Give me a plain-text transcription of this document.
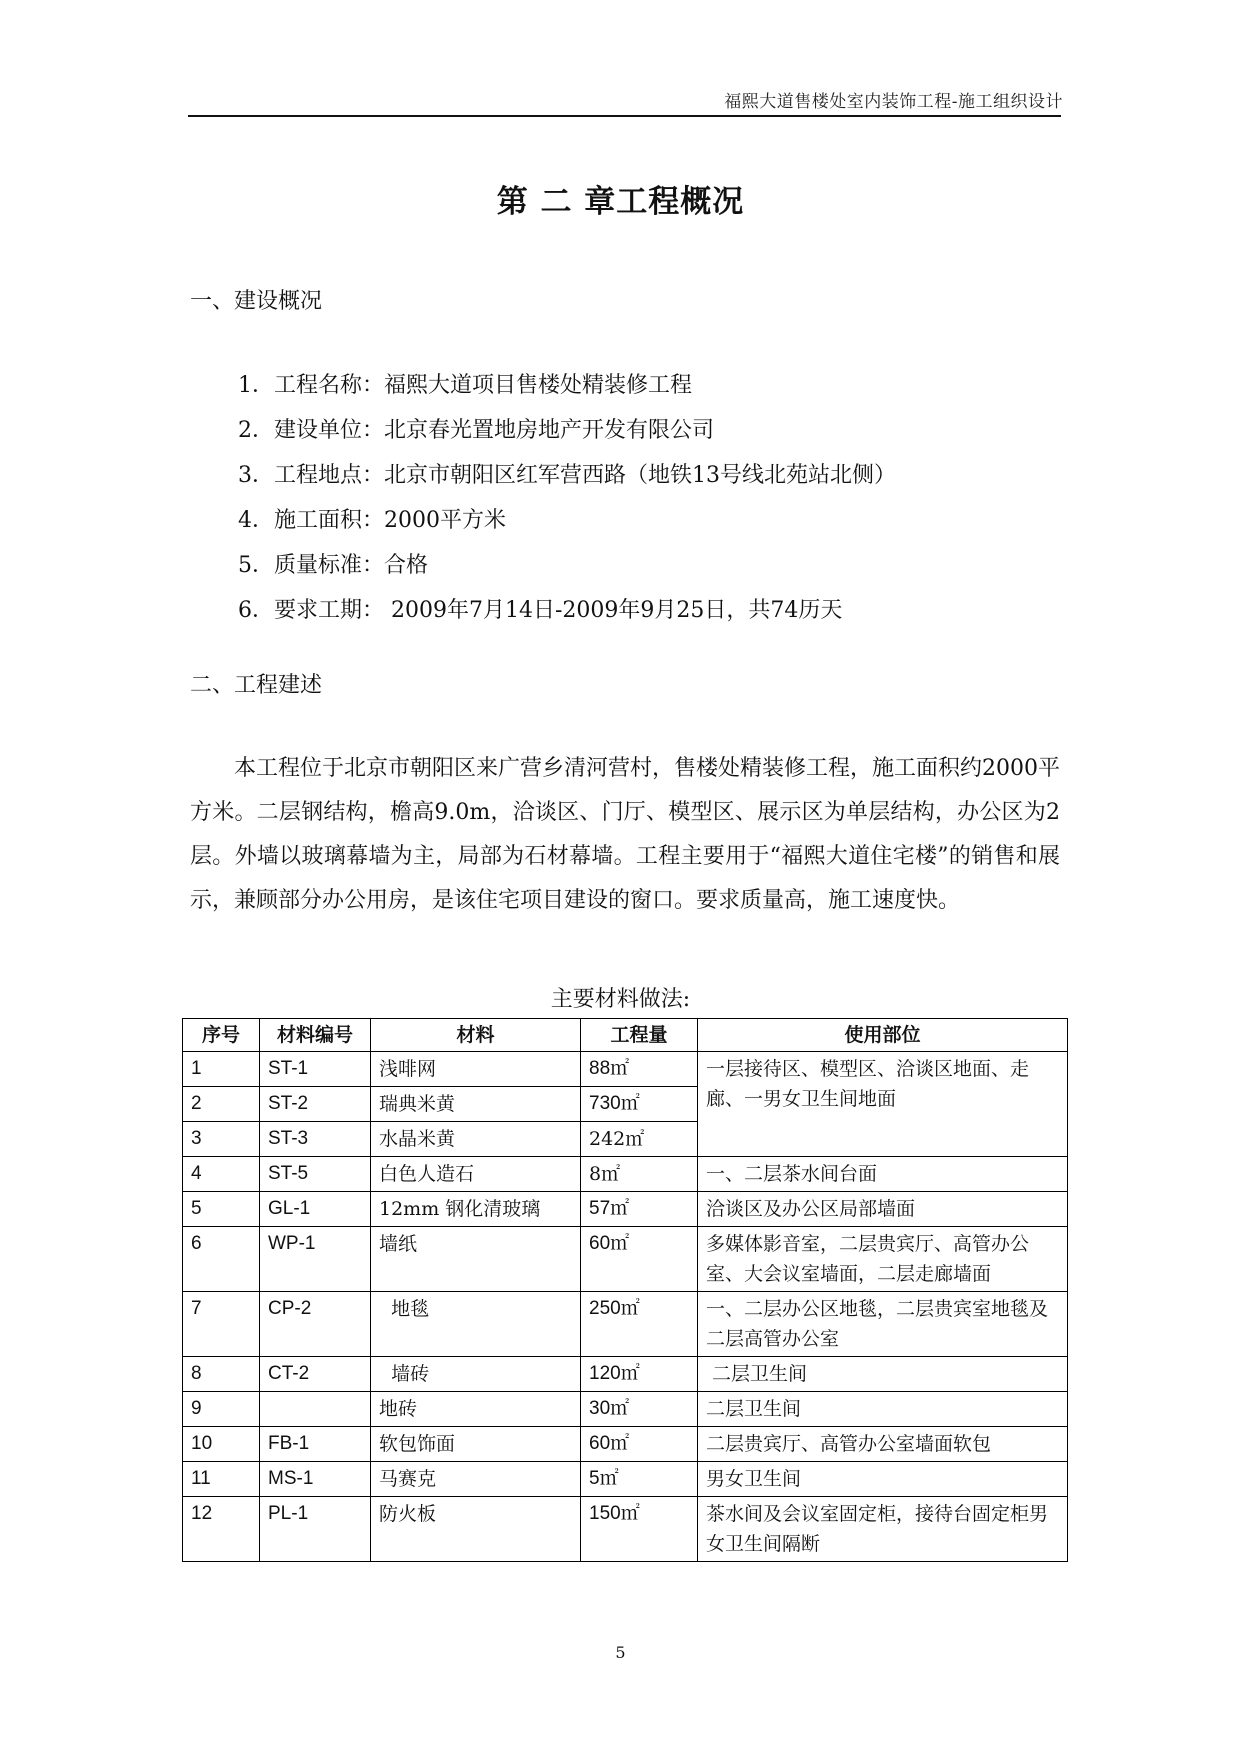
福熙大道售楼处室内装饰工程-施工组织设计
第 二 章工程概况
一、建设概况
1．工程名称：福熙大道项目售楼处精装修工程
2．建设单位：北京春光置地房地产开发有限公司
3．工程地点：北京市朝阳区红军营西路（地铁13号线北苑站北侧）
4．施工面积：2000平方米
5．质量标准：合格
6．要求工期： 2009年7月14日-2009年9月25日，共74历天
二、工程建述
本工程位于北京市朝阳区来广营乡清河营村，售楼处精装修工程，施工面积约2000平方米。二层钢结构，檐高9.0m，洽谈区、门厅、模型区、展示区为单层结构，办公区为2层。外墙以玻璃幕墙为主，局部为石材幕墙。工程主要用于“福熙大道住宅楼”的销售和展示，兼顾部分办公用房，是该住宅项目建设的窗口。要求质量高，施工速度快。
主要材料做法:
序号	材料编号	材料	工程量	使用部位
1	ST-1	浅啡网	88㎡	一层接待区、模型区、洽谈区地面、走廊、一男女卫生间地面
2	ST-2	瑞典米黄	730㎡	
3	ST-3	水晶米黄	242㎡	
4	ST-5	白色人造石	8㎡	一、二层茶水间台面
5	GL-1	12mm 钢化清玻璃	57㎡	洽谈区及办公区局部墙面
6	WP-1	墙纸	60㎡	多媒体影音室，二层贵宾厅、高管办公室、大会议室墙面，二层走廊墙面
7	CP-2	地毯	250㎡	一、二层办公区地毯，二层贵宾室地毯及二层高管办公室
8	CT-2	墙砖	120㎡	二层卫生间
9		地砖	30㎡	二层卫生间
10	FB-1	软包饰面	60㎡	二层贵宾厅、高管办公室墙面软包
11	MS-1	马赛克	5㎡	男女卫生间
12	PL-1	防火板	150㎡	茶水间及会议室固定柜，接待台固定柜男女卫生间隔断
5
